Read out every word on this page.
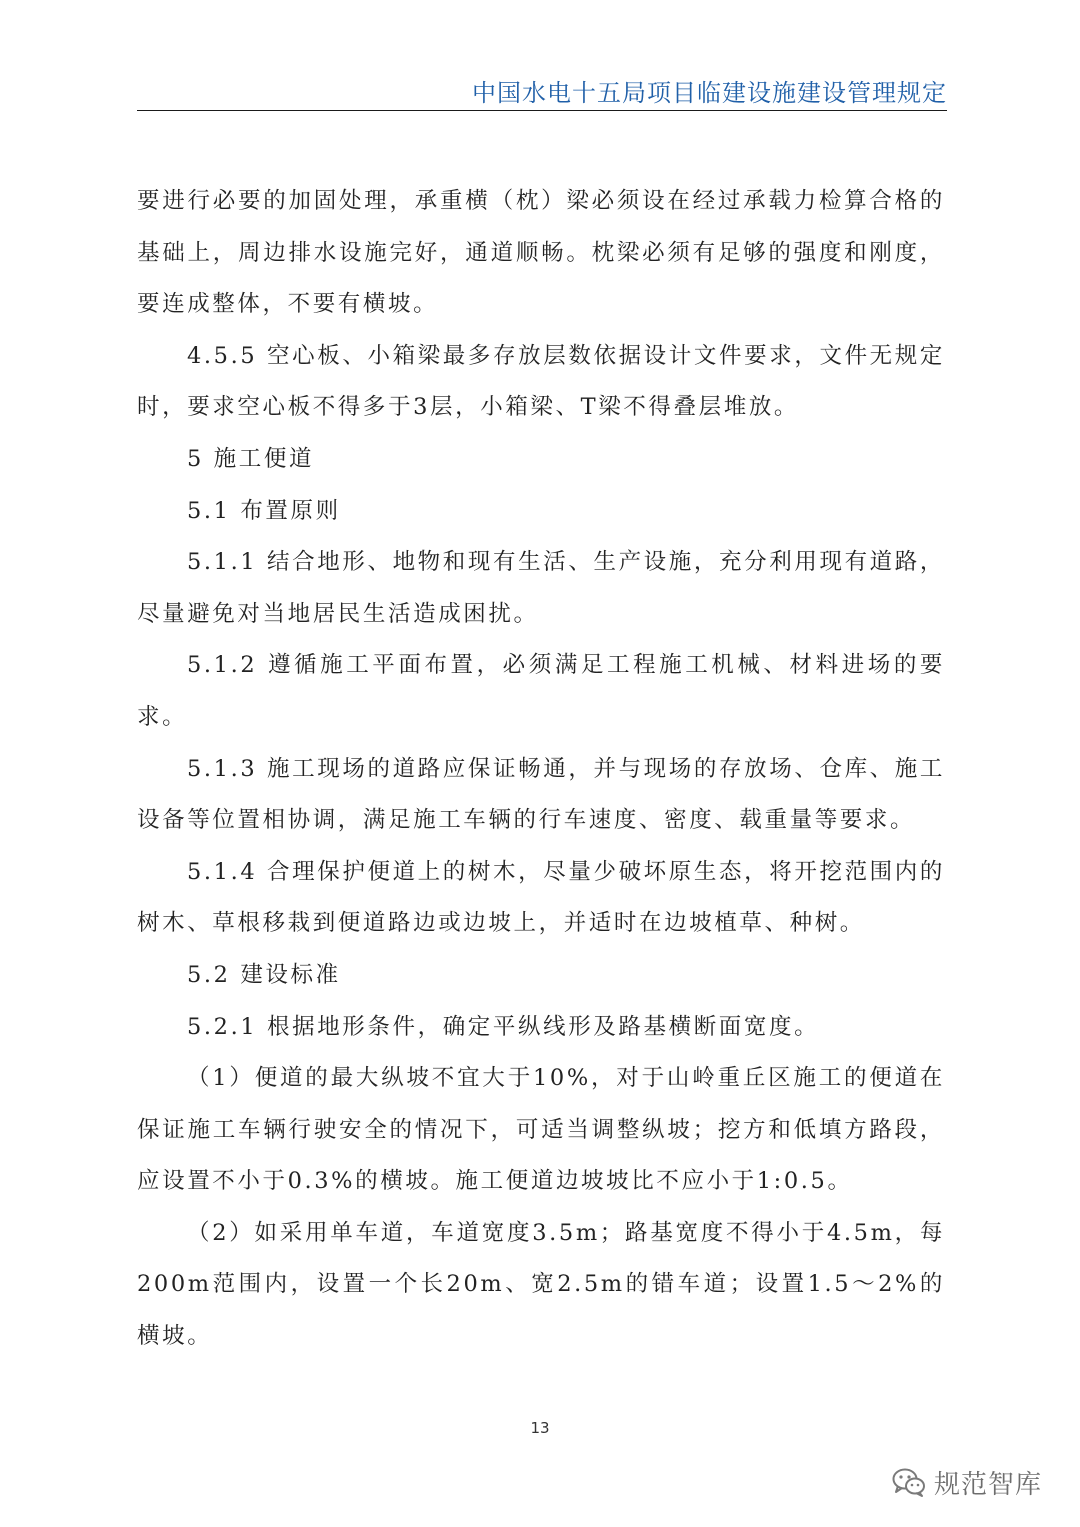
中国水电十五局项目临建设施建设管理规定

要进行必要的加固处理，承重横（枕）梁必须设在经过承载力检算合格的基础上，周边排水设施完好，通道顺畅。枕梁必须有足够的强度和刚度，要连成整体，不要有横坡。

4.5.5 空心板、小箱梁最多存放层数依据设计文件要求，文件无规定时，要求空心板不得多于3层，小箱梁、T梁不得叠层堆放。

5 施工便道

5.1 布置原则

5.1.1 结合地形、地物和现有生活、生产设施，充分利用现有道路，尽量避免对当地居民生活造成困扰。

5.1.2 遵循施工平面布置，必须满足工程施工机械、材料进场的要求。

5.1.3 施工现场的道路应保证畅通，并与现场的存放场、仓库、施工设备等位置相协调，满足施工车辆的行车速度、密度、载重量等要求。

5.1.4 合理保护便道上的树木，尽量少破坏原生态，将开挖范围内的树木、草根移栽到便道路边或边坡上，并适时在边坡植草、种树。

5.2 建设标准

5.2.1 根据地形条件，确定平纵线形及路基横断面宽度。

（1）便道的最大纵坡不宜大于10%，对于山岭重丘区施工的便道在保证施工车辆行驶安全的情况下，可适当调整纵坡；挖方和低填方路段，应设置不小于0.3%的横坡。施工便道边坡坡比不应小于1:0.5。

（2）如采用单车道，车道宽度3.5m；路基宽度不得小于4.5m，每200m范围内，设置一个长20m、宽2.5m的错车道；设置1.5～2%的横坡。

13
规范智库
